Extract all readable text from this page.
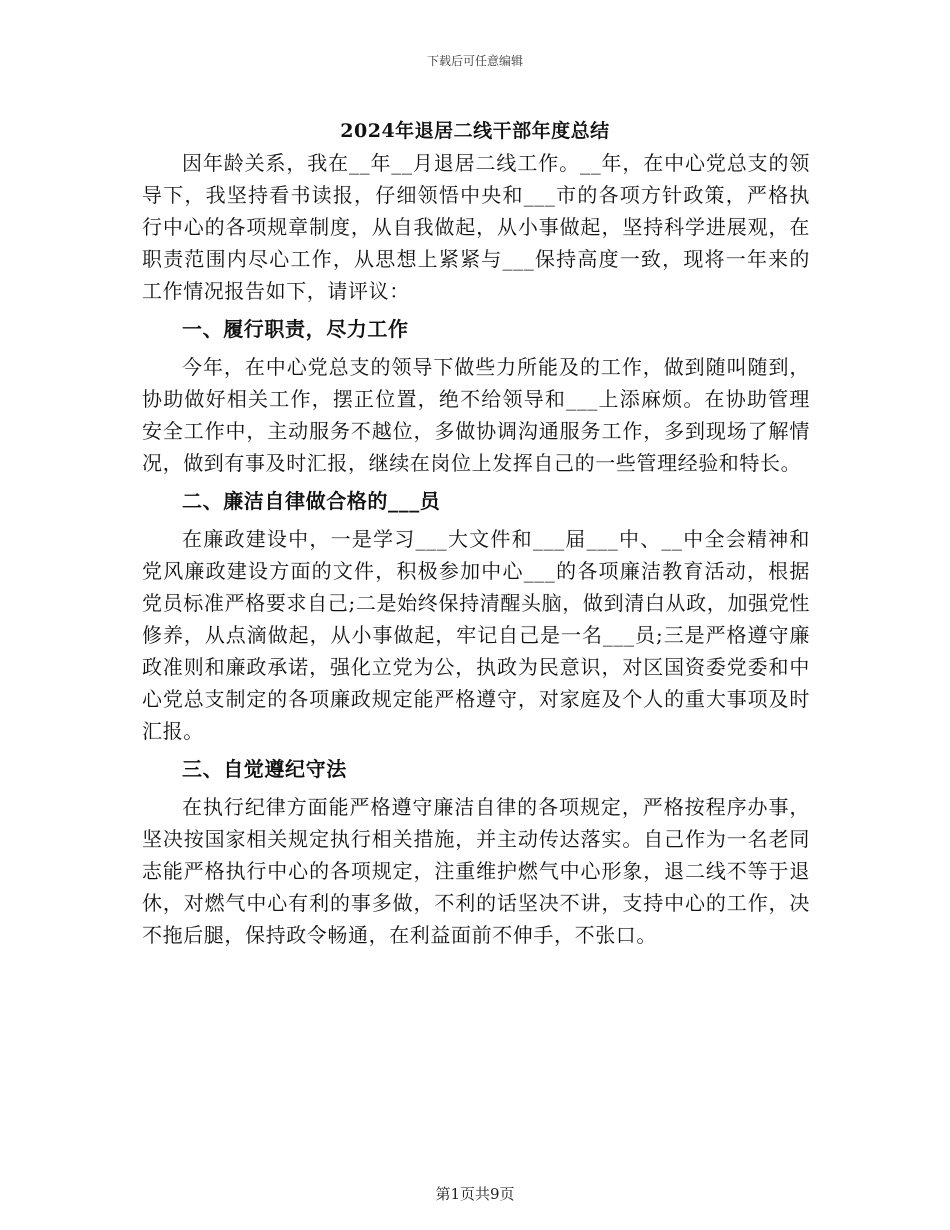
下载后可任意编辑
2024年退居二线干部年度总结

因年龄关系，我在__年__月退居二线工作。__年，在中心党总支的领导下，我坚持看书读报，仔细领悟中央和___市的各项方针政策，严格执行中心的各项规章制度，从自我做起，从小事做起，坚持科学进展观，在职责范围内尽心工作，从思想上紧紧与___保持高度一致，现将一年来的工作情况报告如下，请评议：

一、履行职责，尽力工作

今年，在中心党总支的领导下做些力所能及的工作，做到随叫随到，协助做好相关工作，摆正位置，绝不给领导和___上添麻烦。在协助管理安全工作中，主动服务不越位，多做协调沟通服务工作，多到现场了解情况，做到有事及时汇报，继续在岗位上发挥自己的一些管理经验和特长。

二、廉洁自律做合格的___员

在廉政建设中，一是学习___大文件和___届___中、__中全会精神和党风廉政建设方面的文件，积极参加中心___的各项廉洁教育活动，根据党员标准严格要求自己;二是始终保持清醒头脑，做到清白从政，加强党性修养，从点滴做起，从小事做起，牢记自己是一名___员;三是严格遵守廉政准则和廉政承诺，强化立党为公，执政为民意识，对区国资委党委和中心党总支制定的各项廉政规定能严格遵守，对家庭及个人的重大事项及时汇报。

三、自觉遵纪守法

在执行纪律方面能严格遵守廉洁自律的各项规定，严格按程序办事，坚决按国家相关规定执行相关措施，并主动传达落实。自己作为一名老同志能严格执行中心的各项规定，注重维护燃气中心形象，退二线不等于退休，对燃气中心有利的事多做，不利的话坚决不讲，支持中心的工作，决不拖后腿，保持政令畅通，在利益面前不伸手，不张口。

第1页共9页
